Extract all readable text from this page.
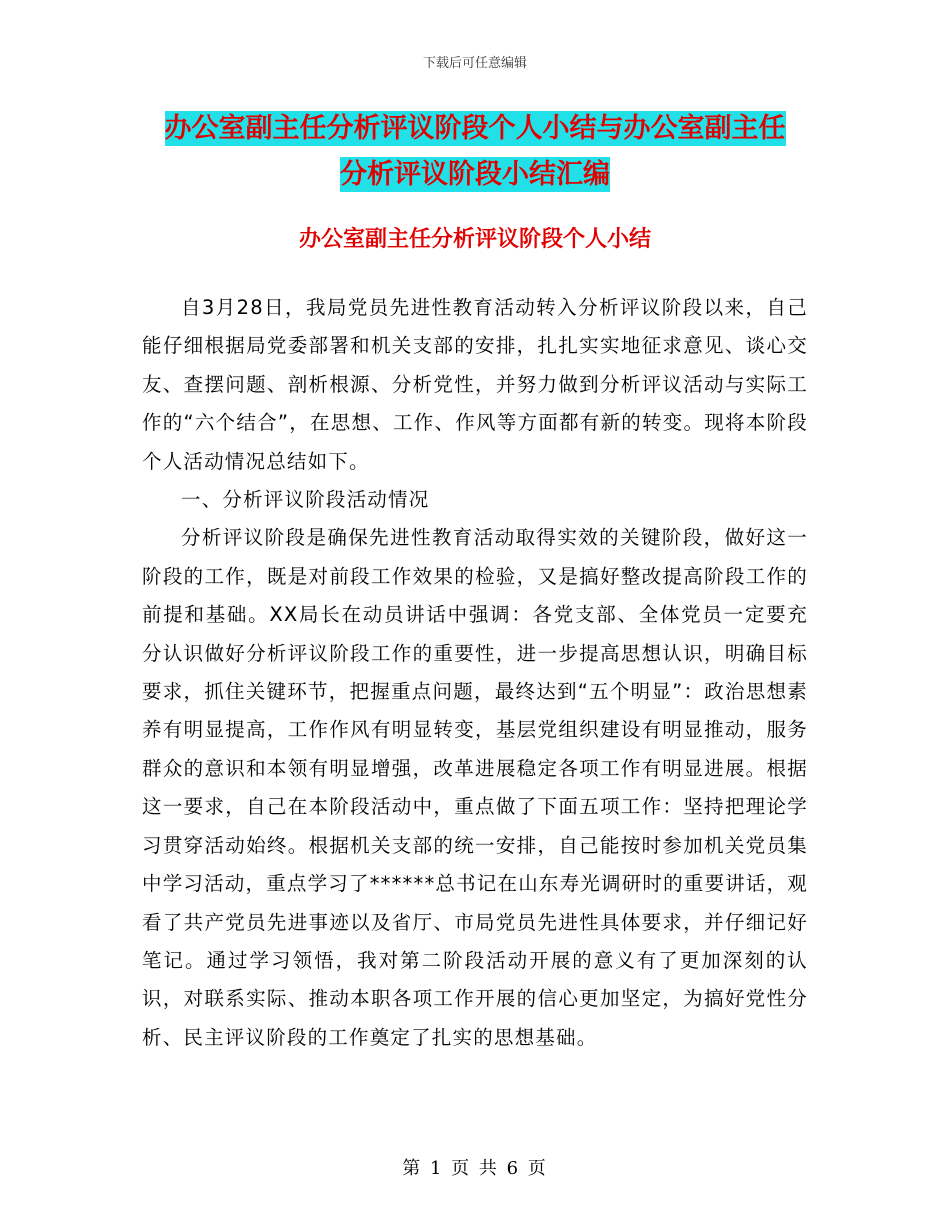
下载后可任意编辑
办公室副主任分析评议阶段个人小结与办公室副主任
分析评议阶段小结汇编
办公室副主任分析评议阶段个人小结

自3月28日，我局党员先进性教育活动转入分析评议阶段以来，自己能仔细根据局党委部署和机关支部的安排，扎扎实实地征求意见、谈心交友、查摆问题、剖析根源、分析党性，并努力做到分析评议活动与实际工作的“六个结合”，在思想、工作、作风等方面都有新的转变。现将本阶段个人活动情况总结如下。

一、分析评议阶段活动情况

分析评议阶段是确保先进性教育活动取得实效的关键阶段，做好这一阶段的工作，既是对前段工作效果的检验，又是搞好整改提高阶段工作的前提和基础。XX局长在动员讲话中强调：各党支部、全体党员一定要充分认识做好分析评议阶段工作的重要性，进一步提高思想认识，明确目标要求，抓住关键环节，把握重点问题，最终达到“五个明显”：政治思想素养有明显提高，工作作风有明显转变，基层党组织建设有明显推动，服务群众的意识和本领有明显增强，改革进展稳定各项工作有明显进展。根据这一要求，自己在本阶段活动中，重点做了下面五项工作：坚持把理论学习贯穿活动始终。根据机关支部的统一安排，自己能按时参加机关党员集中学习活动，重点学习了******总书记在山东寿光调研时的重要讲话，观看了共产党员先进事迹以及省厅、市局党员先进性具体要求，并仔细记好笔记。通过学习领悟，我对第二阶段活动开展的意义有了更加深刻的认识，对联系实际、推动本职各项工作开展的信心更加坚定，为搞好党性分析、民主评议阶段的工作奠定了扎实的思想基础。

第 1 页 共 6 页
